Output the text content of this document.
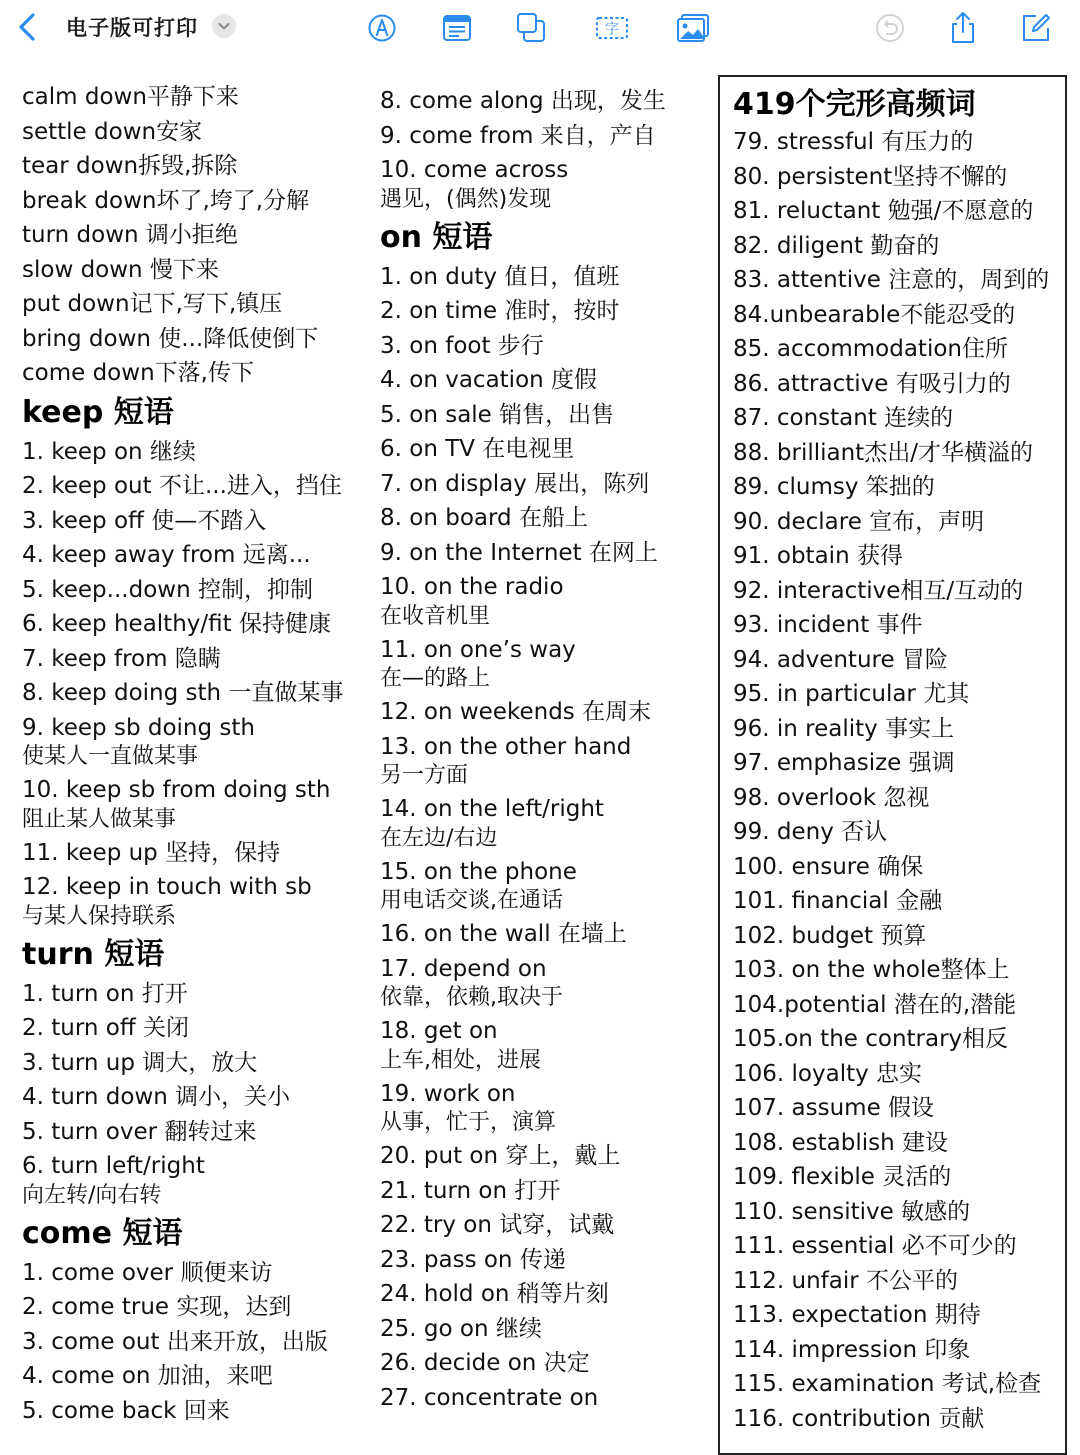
电子版可打印	字
calm down平静下来
settle down安家
tear down拆毁,拆除
break down坏了,垮了,分解
turn down 调小拒绝
slow down 慢下来
put down记下,写下,镇压
bring down 使...降低使倒下
come down下落,传下
keep 短语
1. keep on 继续
2. keep out 不让...进入，挡住
3. keep off 使—不踏入
4. keep away from 远离...
5. keep...down 控制，抑制
6. keep healthy/fit 保持健康
7. keep from 隐瞒
8. keep doing sth 一直做某事
9. keep sb doing sth
使某人一直做某事
10. keep sb from doing sth
阻止某人做某事
11. keep up 坚持，保持
12. keep in touch with sb
与某人保持联系
turn 短语
1. turn on 打开
2. turn off 关闭
3. turn up 调大，放大
4. turn down 调小，关小
5. turn over 翻转过来
6. turn left/right
向左转/向右转
come 短语
1. come over 顺便来访
2. come true 实现，达到
3. come out 出来开放，出版
4. come on 加油，来吧
5. come back 回来
8. come along 出现，发生
9. come from 来自，产自
10. come across
遇见，(偶然)发现
on 短语
1. on duty 值日，值班
2. on time 准时，按时
3. on foot 步行
4. on vacation 度假
5. on sale 销售，出售
6. on TV 在电视里
7. on display 展出，陈列
8. on board 在船上
9. on the Internet 在网上
10. on the radio
在收音机里
11. on one’s way
在—的路上
12. on weekends 在周末
13. on the other hand
另一方面
14. on the left/right
在左边/右边
15. on the phone
用电话交谈,在通话
16. on the wall 在墙上
17. depend on
依靠，依赖,取决于
18. get on
上车,相处，进展
19. work on
从事，忙于，演算
20. put on 穿上，戴上
21. turn on 打开
22. try on 试穿，试戴
23. pass on 传递
24. hold on 稍等片刻
25. go on 继续
26. decide on 决定
27. concentrate on
419个完形高频词
79. stressful 有压力的
80. persistent坚持不懈的
81. reluctant 勉强/不愿意的
82. diligent 勤奋的
83. attentive 注意的，周到的
84.unbearable不能忍受的
85. accommodation住所
86. attractive 有吸引力的
87. constant 连续的
88. brilliant杰出/才华横溢的
89. clumsy 笨拙的
90. declare 宣布，声明
91. obtain 获得
92. interactive相互/互动的
93. incident 事件
94. adventure 冒险
95. in particular 尤其
96. in reality 事实上
97. emphasize 强调
98. overlook 忽视
99. deny 否认
100. ensure 确保
101. financial 金融
102. budget 预算
103. on the whole整体上
104.potential 潜在的,潜能
105.on the contrary相反
106. loyalty 忠实
107. assume 假设
108. establish 建设
109. flexible 灵活的
110. sensitive 敏感的
111. essential 必不可少的
112. unfair 不公平的
113. expectation 期待
114. impression 印象
115. examination 考试,检查
116. contribution 贡献
